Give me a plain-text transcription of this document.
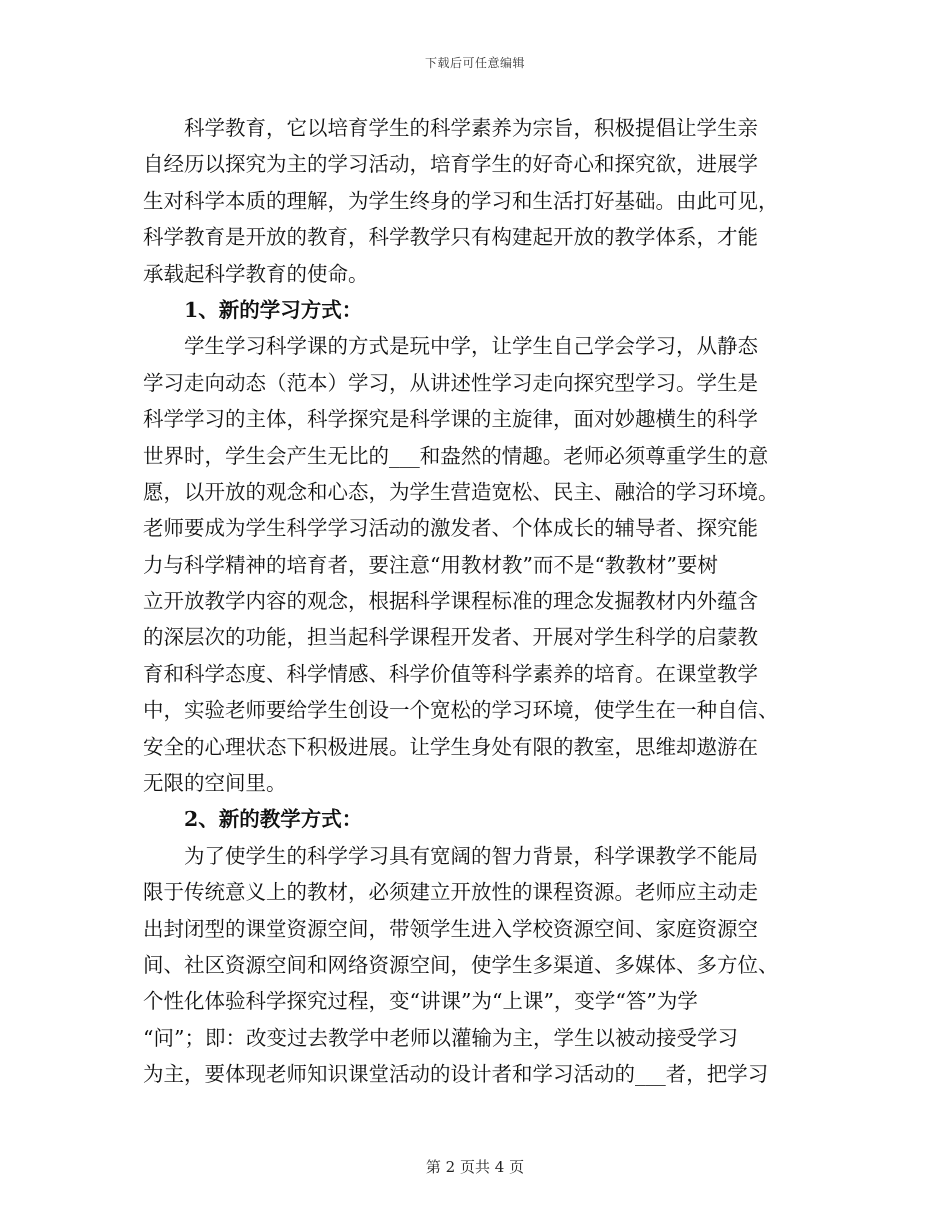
下载后可任意编辑
科学教育，它以培育学生的科学素养为宗旨，积极提倡让学生亲
自经历以探究为主的学习活动，培育学生的好奇心和探究欲，进展学
生对科学本质的理解，为学生终身的学习和生活打好基础。由此可见，
科学教育是开放的教育，科学教学只有构建起开放的教学体系，才能
承载起科学教育的使命。
1、新的学习方式：
学生学习科学课的方式是玩中学，让学生自己学会学习，从静态
学习走向动态（范本）学习，从讲述性学习走向探究型学习。学生是
科学学习的主体，科学探究是科学课的主旋律，面对妙趣横生的科学
世界时，学生会产生无比的___和盎然的情趣。老师必须尊重学生的意
愿，以开放的观念和心态，为学生营造宽松、民主、融洽的学习环境。
老师要成为学生科学学习活动的激发者、个体成长的辅导者、探究能
力与科学精神的培育者，要注意“用教材教”而不是“教教材”要树
立开放教学内容的观念，根据科学课程标准的理念发掘教材内外蕴含
的深层次的功能，担当起科学课程开发者、开展对学生科学的启蒙教
育和科学态度、科学情感、科学价值等科学素养的培育。在课堂教学
中，实验老师要给学生创设一个宽松的学习环境，使学生在一种自信、
安全的心理状态下积极进展。让学生身处有限的教室，思维却遨游在
无限的空间里。
2、新的教学方式：
为了使学生的科学学习具有宽阔的智力背景，科学课教学不能局
限于传统意义上的教材，必须建立开放性的课程资源。老师应主动走
出封闭型的课堂资源空间，带领学生进入学校资源空间、家庭资源空
间、社区资源空间和网络资源空间，使学生多渠道、多媒体、多方位、
个性化体验科学探究过程，变“讲课”为“上课”，变学“答”为学
“问”；即：改变过去教学中老师以灌输为主，学生以被动接受学习
为主，要体现老师知识课堂活动的设计者和学习活动的___者，把学习
第 2 页共 4 页
